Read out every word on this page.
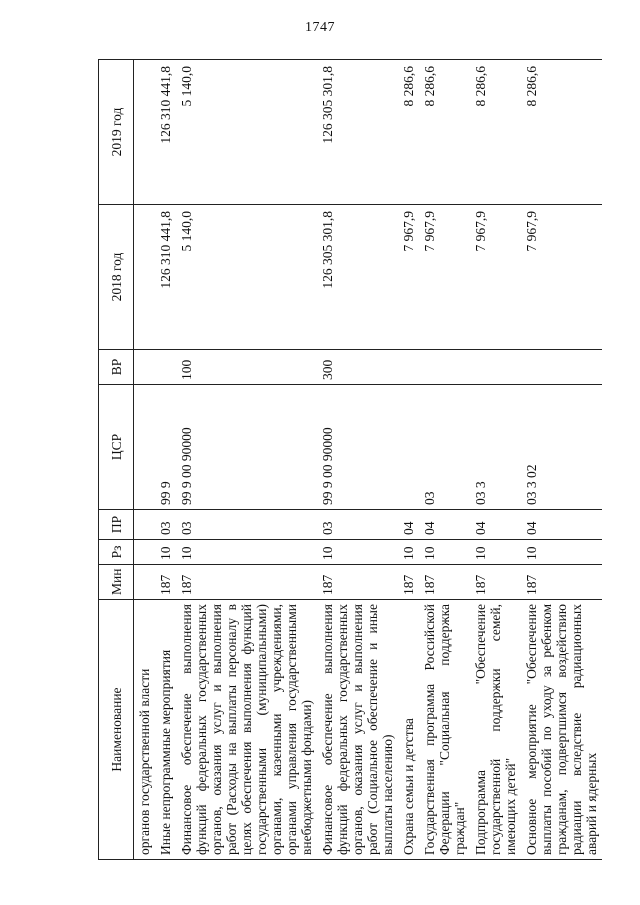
1747
Наименование	Мин	Рз	ПР	ЦСР	ВР	2018 год	2019 год
органов государственной власти							
Иные непрограммные мероприятия	187	10	03	99 9		126 310 441,8	126 310 441,8
Финансовое обеспечение выполнения функций федеральных государственных органов, оказания услуг и выполнения работ (Расходы на выплаты персоналу в целях обеспечения выполнения функций государственными (муниципальными) органами, казенными учреждениями, органами управления государственными внебюджетными фондами)	187	10	03	99 9 00 90000	100	5 140,0	5 140,0
Финансовое обеспечение выполнения функций федеральных государственных органов, оказания услуг и выполнения работ (Социальное обеспечение и иные выплаты населению)	187	10	03	99 9 00 90000	300	126 305 301,8	126 305 301,8
Охрана семьи и детства	187	10	04			7 967,9	8 286,6
Государственная программа Российской Федерации "Социальная поддержка граждан"	187	10	04	03		7 967,9	8 286,6
Подпрограмма "Обеспечение государственной поддержки семей, имеющих детей"	187	10	04	03 3		7 967,9	8 286,6
Основное мероприятие "Обеспечение выплаты пособий по уходу за ребенком гражданам, подвергшимся воздействию радиации вследствие радиационных аварий и ядерных	187	10	04	03 3 02		7 967,9	8 286,6
